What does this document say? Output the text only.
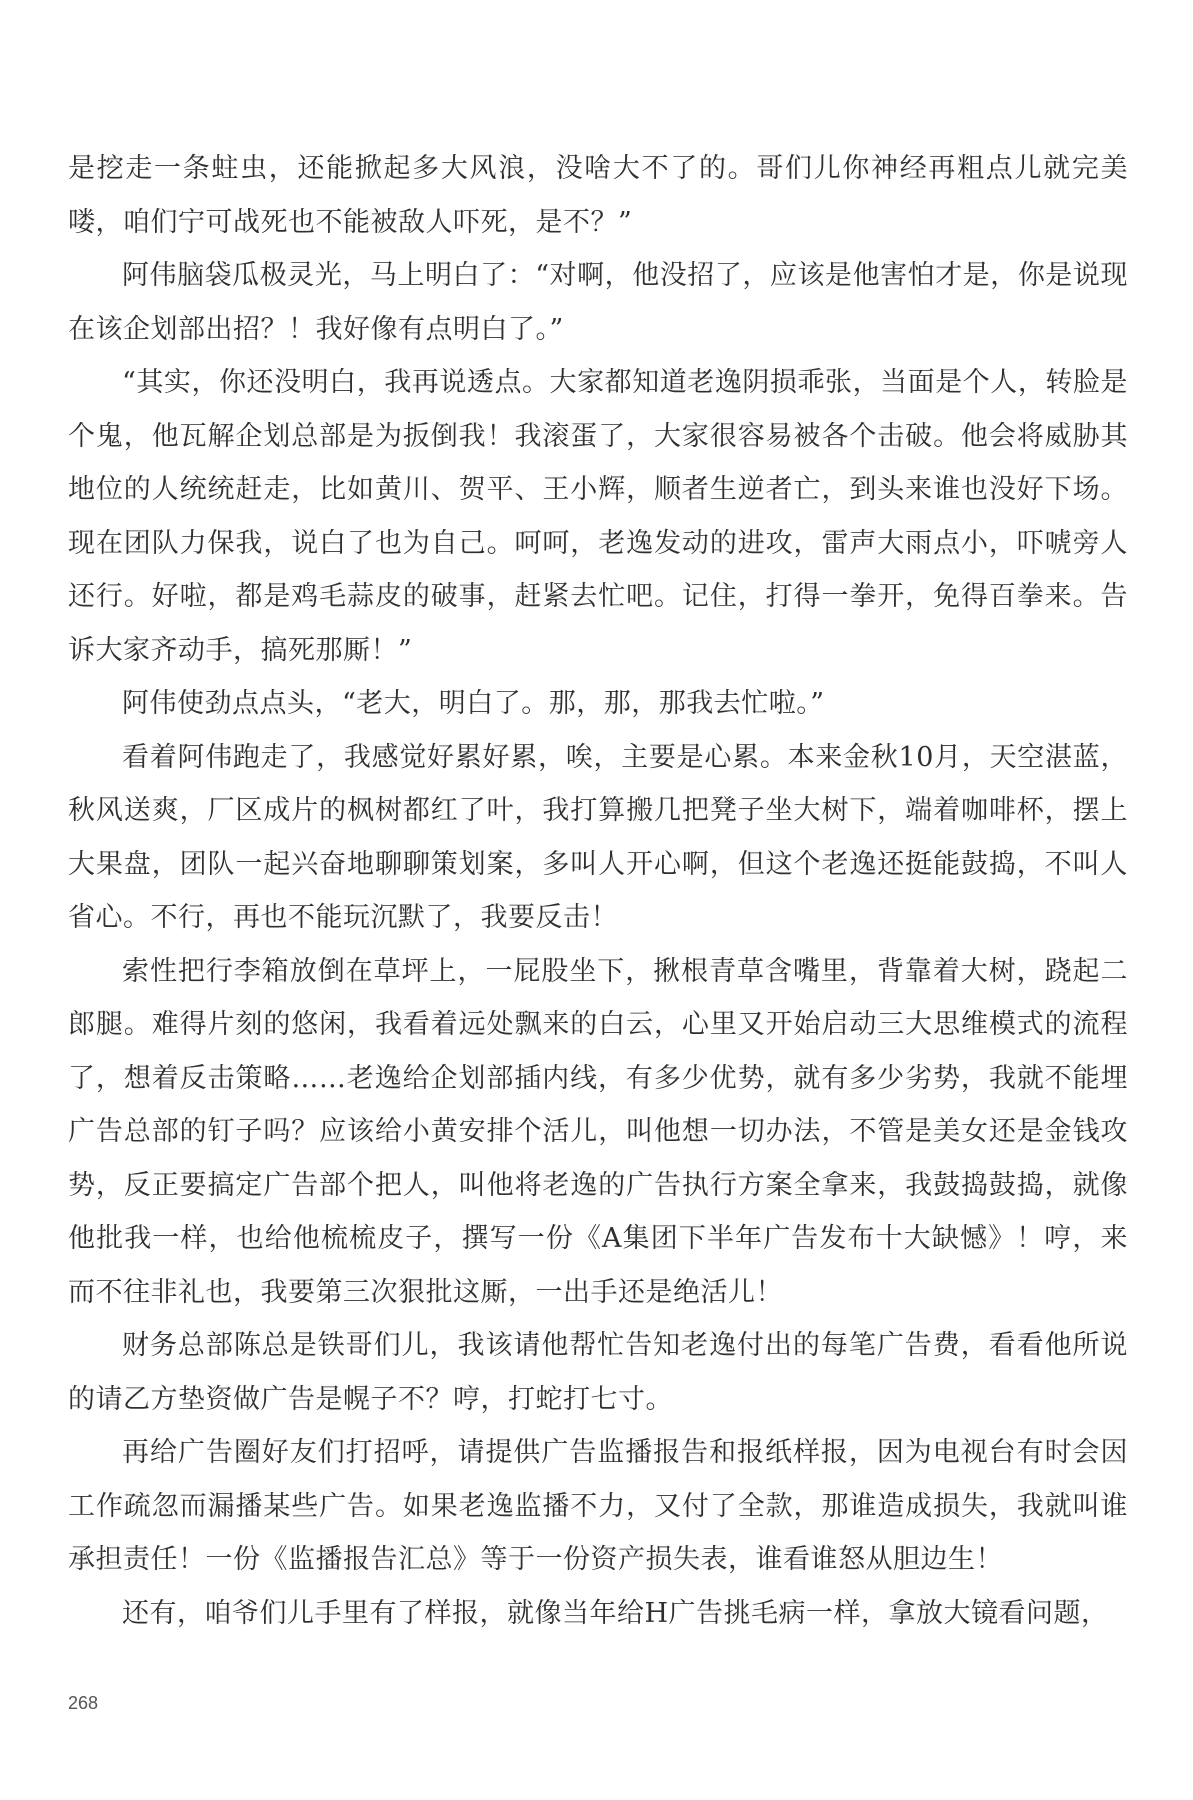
是挖走一条蛀虫，还能掀起多大风浪，没啥大不了的。哥们儿你神经再粗点儿就完美喽，咱们宁可战死也不能被敌人吓死，是不？”

阿伟脑袋瓜极灵光，马上明白了：“对啊，他没招了，应该是他害怕才是，你是说现在该企划部出招？！我好像有点明白了。”

“其实，你还没明白，我再说透点。大家都知道老逸阴损乖张，当面是个人，转脸是个鬼，他瓦解企划总部是为扳倒我！我滚蛋了，大家很容易被各个击破。他会将威胁其地位的人统统赶走，比如黄川、贺平、王小辉，顺者生逆者亡，到头来谁也没好下场。现在团队力保我，说白了也为自己。呵呵，老逸发动的进攻，雷声大雨点小，吓唬旁人还行。好啦，都是鸡毛蒜皮的破事，赶紧去忙吧。记住，打得一拳开，免得百拳来。告诉大家齐动手，搞死那厮！”

阿伟使劲点点头，“老大，明白了。那，那，那我去忙啦。”

看着阿伟跑走了，我感觉好累好累，唉，主要是心累。本来金秋10月，天空湛蓝，秋风送爽，厂区成片的枫树都红了叶，我打算搬几把凳子坐大树下，端着咖啡杯，摆上大果盘，团队一起兴奋地聊聊策划案，多叫人开心啊，但这个老逸还挺能鼓捣，不叫人省心。不行，再也不能玩沉默了，我要反击！

索性把行李箱放倒在草坪上，一屁股坐下，揪根青草含嘴里，背靠着大树，跷起二郎腿。难得片刻的悠闲，我看着远处飘来的白云，心里又开始启动三大思维模式的流程了，想着反击策略……老逸给企划部插内线，有多少优势，就有多少劣势，我就不能埋广告总部的钉子吗？应该给小黄安排个活儿，叫他想一切办法，不管是美女还是金钱攻势，反正要搞定广告部个把人，叫他将老逸的广告执行方案全拿来，我鼓捣鼓捣，就像他批我一样，也给他梳梳皮子，撰写一份《A集团下半年广告发布十大缺憾》！哼，来而不往非礼也，我要第三次狠批这厮，一出手还是绝活儿！

财务总部陈总是铁哥们儿，我该请他帮忙告知老逸付出的每笔广告费，看看他所说的请乙方垫资做广告是幌子不？哼，打蛇打七寸。

再给广告圈好友们打招呼，请提供广告监播报告和报纸样报，因为电视台有时会因工作疏忽而漏播某些广告。如果老逸监播不力，又付了全款，那谁造成损失，我就叫谁承担责任！一份《监播报告汇总》等于一份资产损失表，谁看谁怒从胆边生！

还有，咱爷们儿手里有了样报，就像当年给H广告挑毛病一样，拿放大镜看问题，

268
